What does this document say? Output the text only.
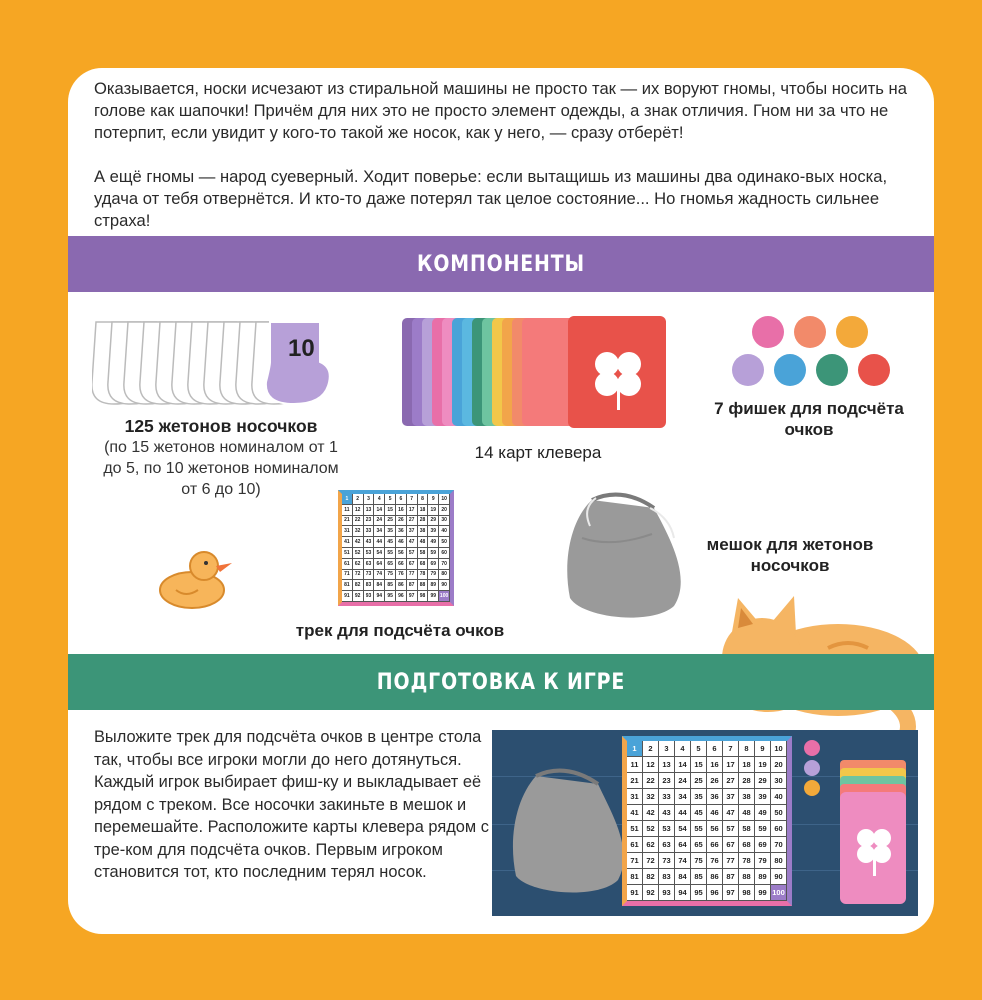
Оказывается, носки исчезают из стиральной машины не просто так — их воруют гномы, чтобы носить на голове как шапочки! Причём для них это не просто элемент одежды, а знак отличия. Гном ни за что не потерпит, если увидит у кого-то такой же носок, как у него, — сразу отберёт!

А ещё гномы — народ суеверный. Ходит поверье: если вытащишь из машины два одинако-вых носка, удача от тебя отвернётся. И кто-то даже потерял так целое состояние... Но гномья жадность сильнее страха!

КОМПОНЕНТЫ
10
125 жетонов носочков
(по 15 жетонов номиналом от 1 до 5, по 10 жетонов номиналом от 6 до 10)
14 карт клевера
7 фишек для подсчёта очков
1	2	3	4	5	6	7	8	9	10
11	12	13	14	15	16	17	18	19	20
21	22	23	24	25	26	27	28	29	30
31	32	33	34	35	36	37	38	39	40
41	42	43	44	45	46	47	48	49	50
51	52	53	54	55	56	57	58	59	60
61	62	63	64	65	66	67	68	69	70
71	72	73	74	75	76	77	78	79	80
81	82	83	84	85	86	87	88	89	90
91	92	93	94	95	96	97	98	99 100
трек для подсчёта очков
мешок для жетонов носочков
ПОДГОТОВКА К ИГРЕ
Выложите трек для подсчёта очков в центре стола так, чтобы все игроки могли до него дотянуться. Каждый игрок выбирает фиш-ку и выкладывает её рядом с треком. Все носочки закиньте в мешок и перемешайте. Расположите карты клевера рядом с тре-ком для подсчёта очков. Первым игроком становится тот, кто последним терял носок.
1	2	3	4	5	6	7	8	9	10
11	12	13	14	15	16	17	18	19	20
21	22	23	24	25	26	27	28	29	30
31	32	33	34	35	36	37	38	39	40
41	42	43	44	45	46	47	48	49	50
51	52	53	54	55	56	57	58	59	60
61	62	63	64	65	66	67	68	69	70
71	72	73	74	75	76	77	78	79	80
81	82	83	84	85	86	87	88	89	90
91	92	93	94	95	96	97	98	99 100
